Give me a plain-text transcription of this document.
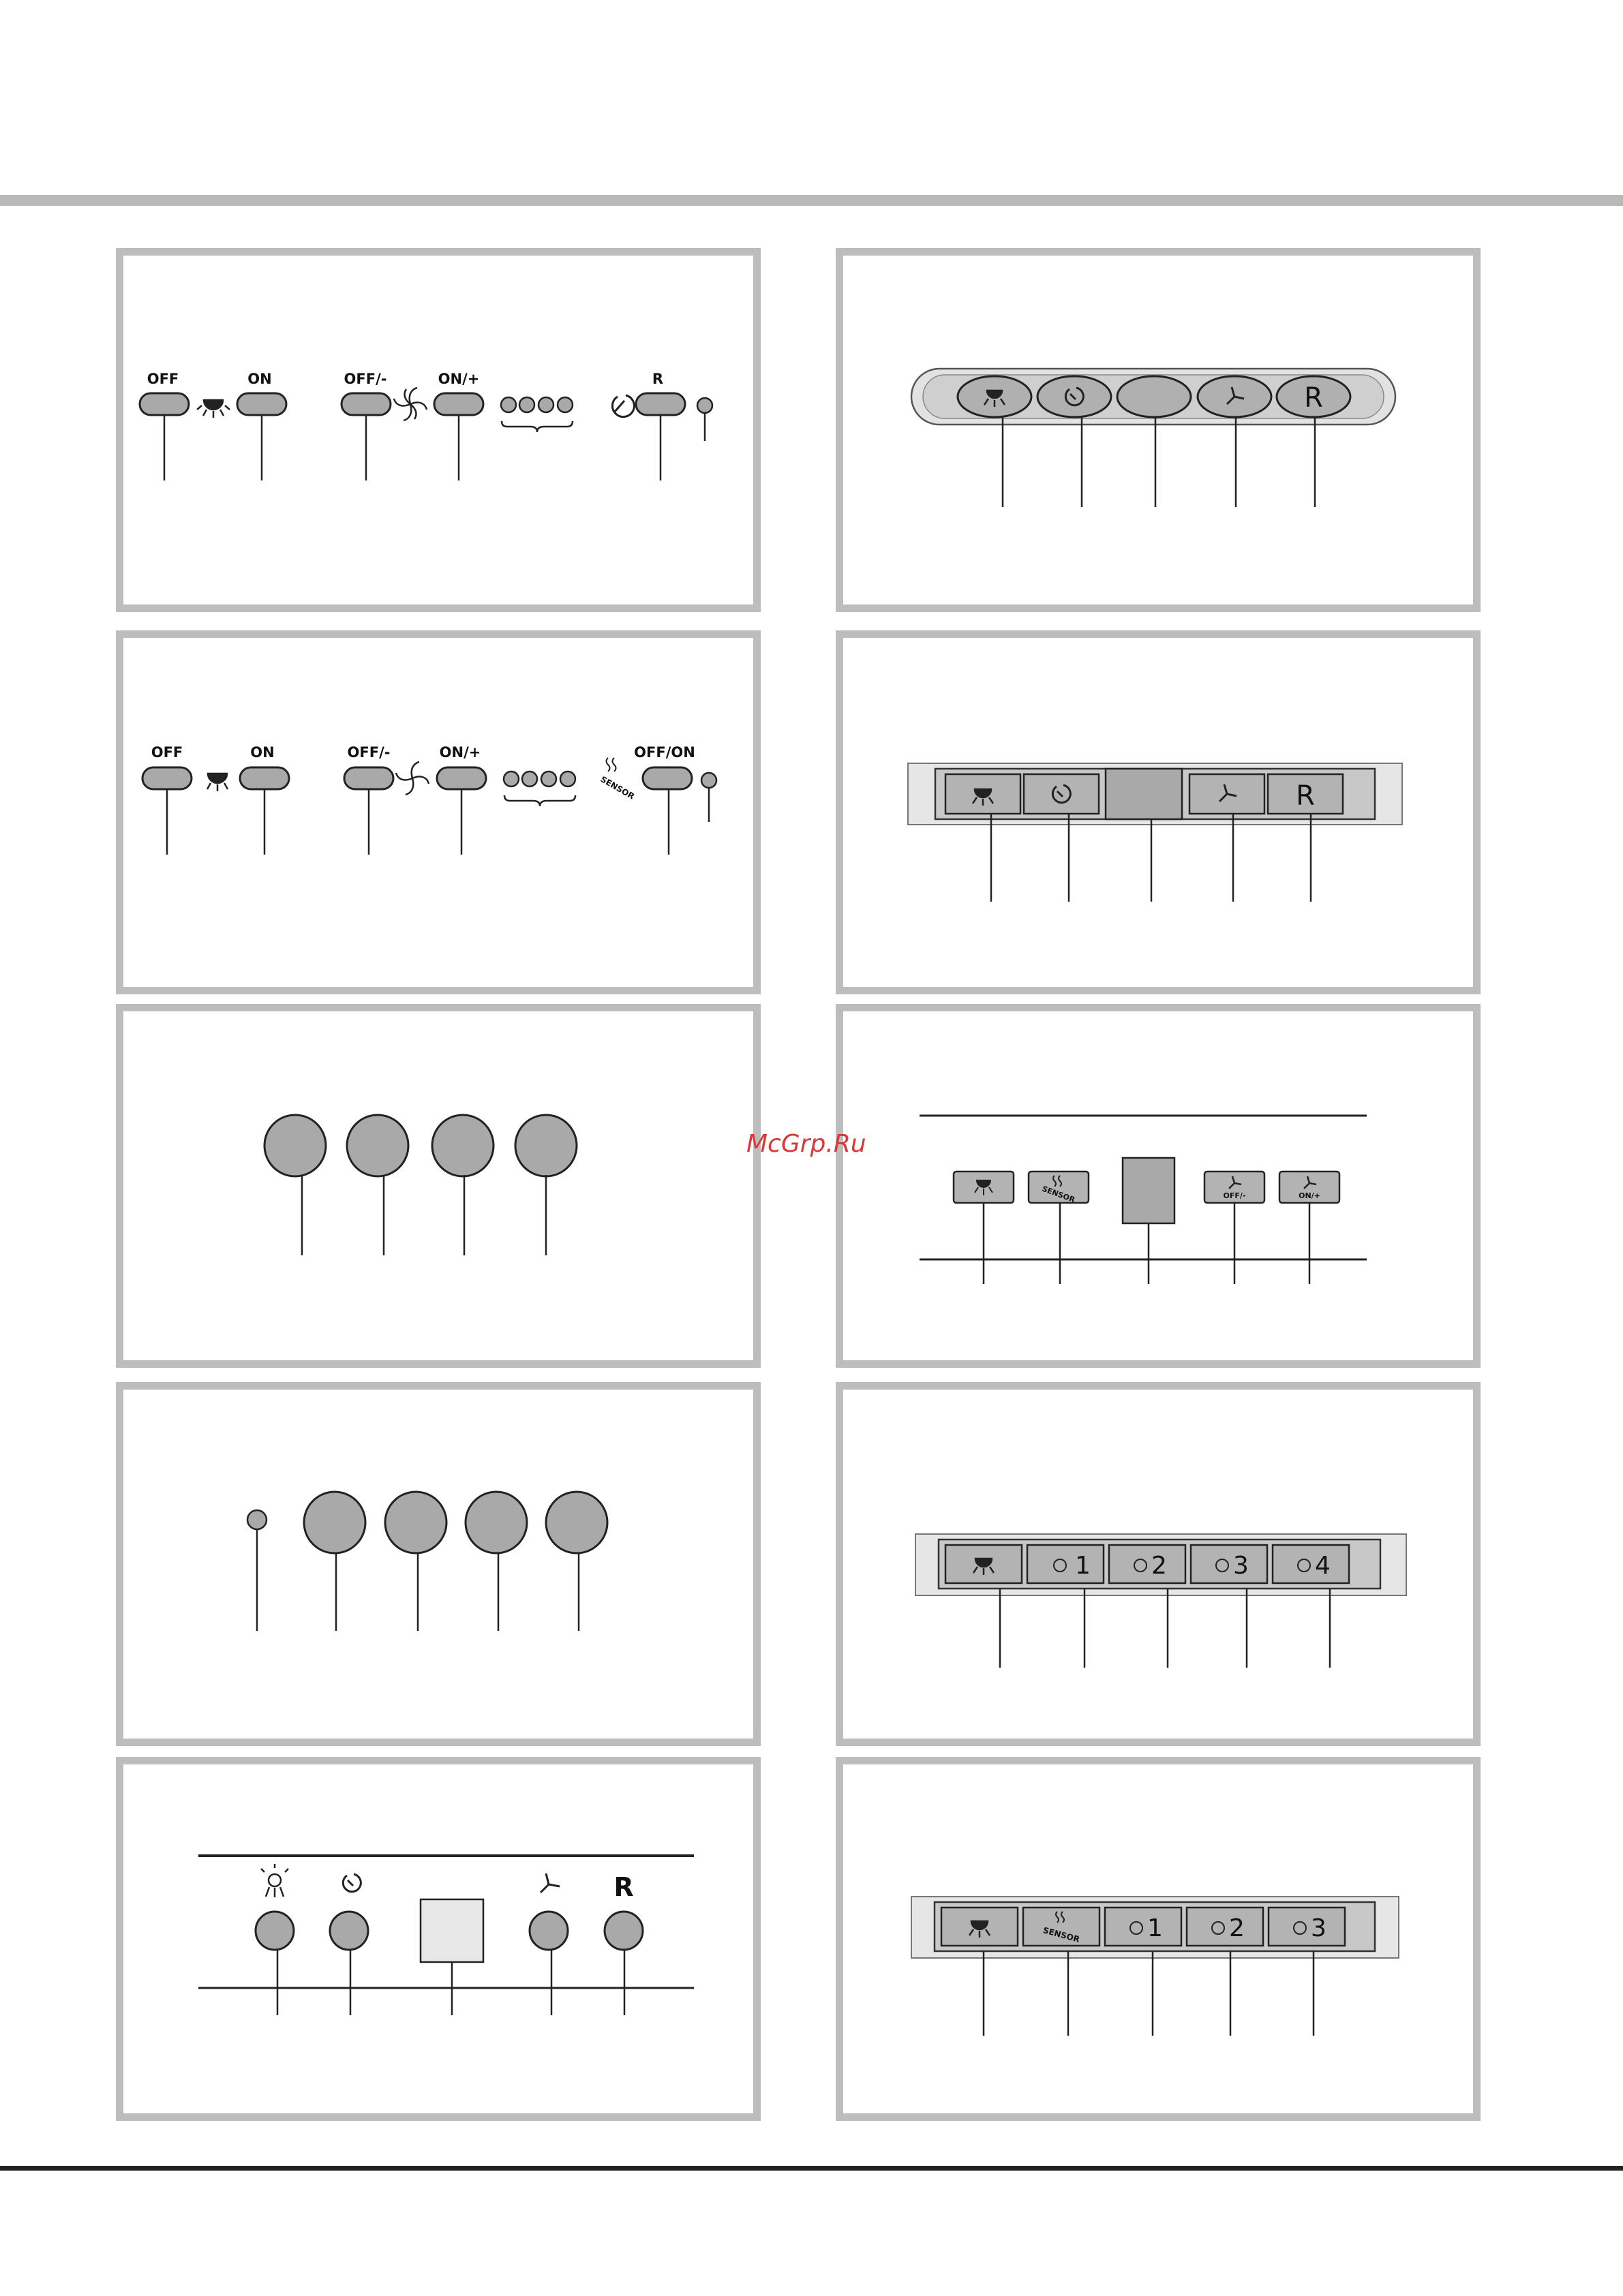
OFF	ON	OFF/-	ON/+	R
R
OFF	ON	OFF/-	ON/+	OFF/ON
SENSOR	R
SENSOR	OFF/-	ON/+
1 2	3	4
R
SENSOR	1	2	3
McGrp.Ru
